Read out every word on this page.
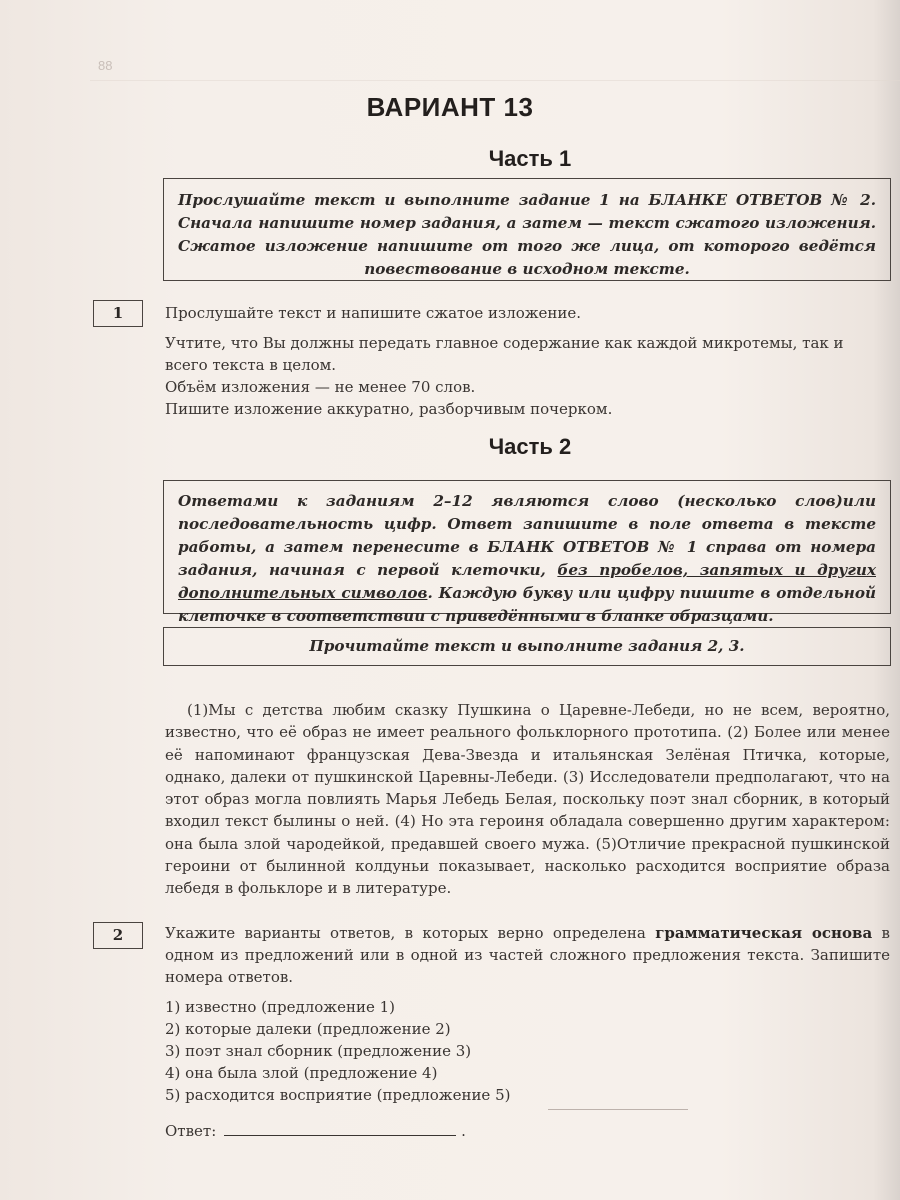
88
ВАРИАНТ 13
Часть 1
Прослушайте текст и выполните задание 1 на БЛАНКЕ ОТВЕТОВ № 2. Сначала напишите номер задания, а затем — текст сжатого изложения. Сжатое изложение напишите от того же лица, от которого ведётся повествование в исходном тексте.
1	Прослушайте текст и напишите сжатое изложение.

Учтите, что Вы должны передать главное содержание как каждой микротемы, так и всего текста в целом.

Объём изложения — не менее 70 слов.

Пишите изложение аккуратно, разборчивым почерком.

Часть 2
Ответами к заданиям 2–12 являются слово (несколько слов)или последовательность цифр. Ответ запишите в поле ответа в тексте работы, а затем перенесите в БЛАНК ОТВЕТОВ № 1 справа от номера задания, начиная с первой клеточки, без пробелов, запятых и других дополнительных символов. Каждую букву или цифру пишите в отдельной клеточке в соответствии с приведёнными в бланке образцами.
Прочитайте текст и выполните задания 2, 3.
(1)Мы с детства любим сказку Пушкина о Царевне-Лебеди, но не всем, вероятно, известно, что её образ не имеет реального фольклорного прототипа. (2) Более или менее её напоминают французская Дева-Звезда и итальянская Зелёная Птичка, которые, однако, далеки от пушкинской Царевны-Лебеди. (3) Исследователи предполагают, что на этот образ могла повлиять Марья Лебедь Белая, поскольку поэт знал сборник, в который входил текст былины о ней. (4) Но эта героиня обладала совершенно другим характером: она была злой чародейкой, предавшей своего мужа. (5)Отличие прекрасной пушкинской героини от былинной колдуньи показывает, насколько расходится восприятие образа лебедя в фольклоре и в литературе.
2	Укажите варианты ответов, в которых верно определена грамматическая основа в одном из предложений или в одной из частей сложного предложения текста. Запишите номера ответов.

1) известно (предложение 1)

2) которые далеки (предложение 2)

3) поэт знал сборник (предложение 3)

4) она была злой (предложение 4)

5) расходится восприятие (предложение 5)

Ответ:	.
